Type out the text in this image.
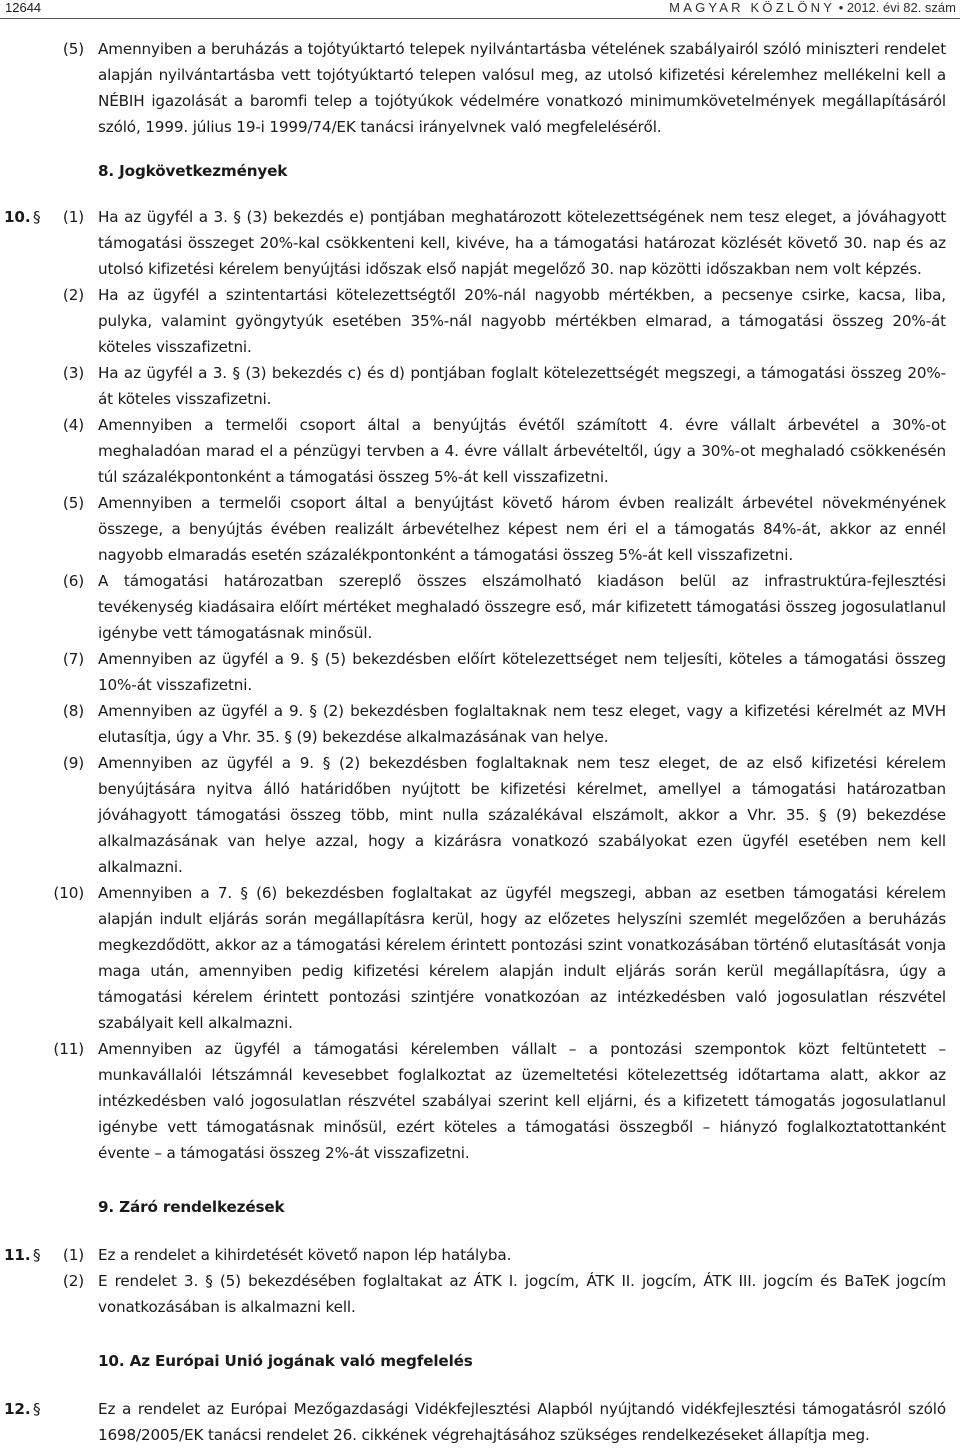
12644	MAGYAR KÖZLÖNY • 2012. évi 82. szám
(5) Amennyiben a beruházás a tojótyúktartó telepek nyilvántartásba vételének szabályairól szóló miniszteri rendelet alapján nyilvántartásba vett tojótyúktartó telepen valósul meg, az utolsó kifizetési kérelemhez mellékelni kell a NÉBIH igazolását a baromfi telep a tojótyúkok védelmére vonatkozó minimumkövetelmények megállapításáról szóló, 1999. július 19-i 1999/74/EK tanácsi irányelvnek való megfeleléséről.
8. Jogkövetkezmények
10. § (1) Ha az ügyfél a 3. § (3) bekezdés e) pontjában meghatározott kötelezettségének nem tesz eleget, a jóváhagyott támogatási összeget 20%-kal csökkenteni kell, kivéve, ha a támogatási határozat közlését követő 30. nap és az utolsó kifizetési kérelem benyújtási időszak első napját megelőző 30. nap közötti időszakban nem volt képzés.
(2) Ha az ügyfél a szintentartási kötelezettségtől 20%-nál nagyobb mértékben, a pecsenye csirke, kacsa, liba, pulyka, valamint gyöngytyúk esetében 35%-nál nagyobb mértékben elmarad, a támogatási összeg 20%-át köteles visszafizetni.
(3) Ha az ügyfél a 3. § (3) bekezdés c) és d) pontjában foglalt kötelezettségét megszegi, a támogatási összeg 20%-át köteles visszafizetni.
(4) Amennyiben a termelői csoport által a benyújtás évétől számított 4. évre vállalt árbevétel a 30%-ot meghaladóan marad el a pénzügyi tervben a 4. évre vállalt árbevételtől, úgy a 30%-ot meghaladó csökkenésén túl százalékpontonként a támogatási összeg 5%-át kell visszafizetni.
(5) Amennyiben a termelői csoport által a benyújtást követő három évben realizált árbevétel növekményének összege, a benyújtás évében realizált árbevételhez képest nem éri el a támogatás 84%-át, akkor az ennél nagyobb elmaradás esetén százalékpontonként a támogatási összeg 5%-át kell visszafizetni.
(6) A támogatási határozatban szereplő összes elszámolható kiadáson belül az infrastruktúra-fejlesztési tevékenység kiadásaira előírt mértéket meghaladó összegre eső, már kifizetett támogatási összeg jogosulatlanul igénybe vett támogatásnak minősül.
(7) Amennyiben az ügyfél a 9. § (5) bekezdésben előírt kötelezettséget nem teljesíti, köteles a támogatási összeg 10%-át visszafizetni.
(8) Amennyiben az ügyfél a 9. § (2) bekezdésben foglaltaknak nem tesz eleget, vagy a kifizetési kérelmét az MVH elutasítja, úgy a Vhr. 35. § (9) bekezdése alkalmazásának van helye.
(9) Amennyiben az ügyfél a 9. § (2) bekezdésben foglaltaknak nem tesz eleget, de az első kifizetési kérelem benyújtására nyitva álló határidőben nyújtott be kifizetési kérelmet, amellyel a támogatási határozatban jóváhagyott támogatási összeg több, mint nulla százalékával elszámolt, akkor a Vhr. 35. § (9) bekezdése alkalmazásának van helye azzal, hogy a kizárásra vonatkozó szabályokat ezen ügyfél esetében nem kell alkalmazni.
(10) Amennyiben a 7. § (6) bekezdésben foglaltakat az ügyfél megszegi, abban az esetben támogatási kérelem alapján indult eljárás során megállapításra kerül, hogy az előzetes helyszíni szemlét megelőzően a beruházás megkezdődött, akkor az a támogatási kérelem érintett pontozási szint vonatkozásában történő elutasítását vonja maga után, amennyiben pedig kifizetési kérelem alapján indult eljárás során kerül megállapításra, úgy a támogatási kérelem érintett pontozási szintjére vonatkozóan az intézkedésben való jogosulatlan részvétel szabályait kell alkalmazni.
(11) Amennyiben az ügyfél a támogatási kérelemben vállalt – a pontozási szempontok közt feltüntetett – munkavállalói létszámnál kevesebbet foglalkoztat az üzemeltetési kötelezettség időtartama alatt, akkor az intézkedésben való jogosulatlan részvétel szabályai szerint kell eljárni, és a kifizetett támogatás jogosulatlanul igénybe vett támogatásnak minősül, ezért köteles a támogatási összegből – hiányzó foglalkoztatottanként évente – a támogatási összeg 2%-át visszafizetni.
9. Záró rendelkezések
11. § (1) Ez a rendelet a kihirdetését követő napon lép hatályba.
(2) E rendelet 3. § (5) bekezdésében foglaltakat az ÁTK I. jogcím, ÁTK II. jogcím, ÁTK III. jogcím és BaTeK jogcím vonatkozásában is alkalmazni kell.
10. Az Európai Unió jogának való megfelelés
12. §	Ez a rendelet az Európai Mezőgazdasági Vidékfejlesztési Alapból nyújtandó vidékfejlesztési támogatásról szóló 1698/2005/EK tanácsi rendelet 26. cikkének végrehajtásához szükséges rendelkezéseket állapítja meg.
